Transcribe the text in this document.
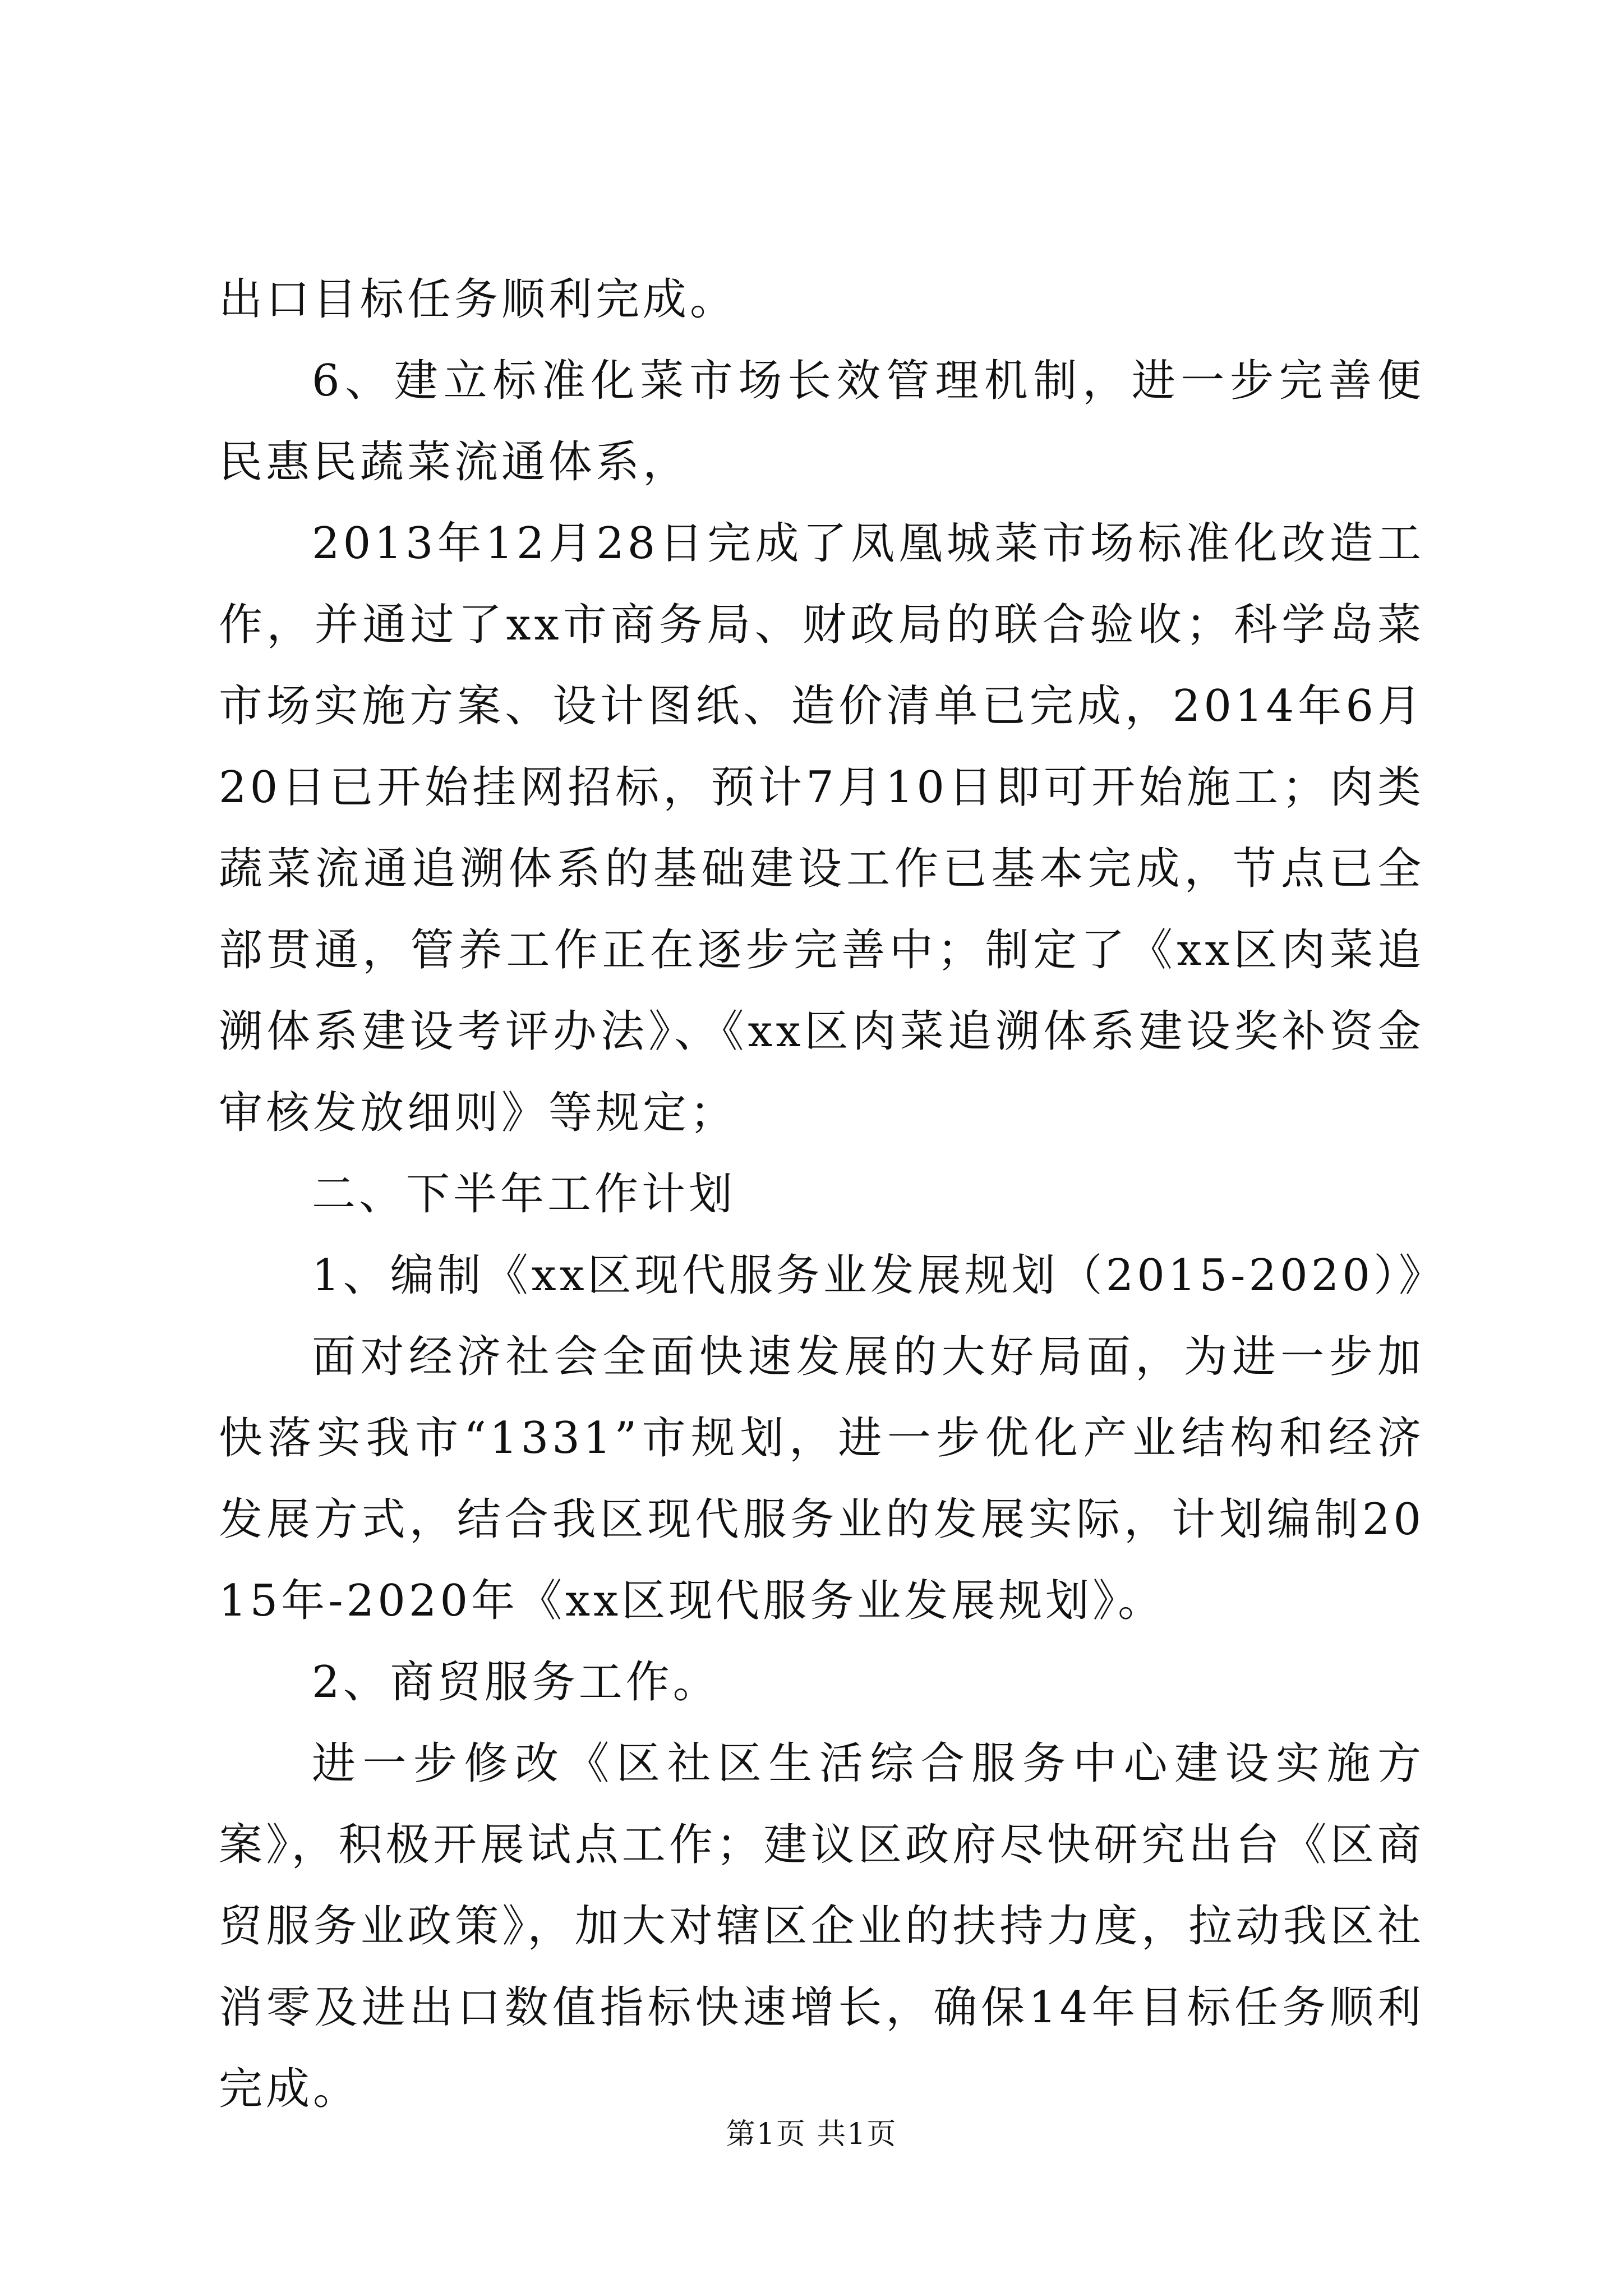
出口目标任务顺利完成。

6、建立标准化菜市场长效管理机制，进一步完善便民惠民蔬菜流通体系，

2013年12月28日完成了凤凰城菜市场标准化改造工作，并通过了xx市商务局、财政局的联合验收；科学岛菜市场实施方案、设计图纸、造价清单已完成，2014年6月20日已开始挂网招标，预计7月10日即可开始施工；肉类蔬菜流通追溯体系的基础建设工作已基本完成，节点已全部贯通，管养工作正在逐步完善中；制定了《xx区肉菜追溯体系建设考评办法》、《xx区肉菜追溯体系建设奖补资金审核发放细则》等规定；

二、下半年工作计划

1、编制《xx区现代服务业发展规划（2015-2020）》

面对经济社会全面快速发展的大好局面，为进一步加快落实我市“1331”市规划，进一步优化产业结构和经济发展方式，结合我区现代服务业的发展实际，计划编制2015年-2020年《xx区现代服务业发展规划》。

2、商贸服务工作。

进一步修改《区社区生活综合服务中心建设实施方案》，积极开展试点工作；建议区政府尽快研究出台《区商贸服务业政策》，加大对辖区企业的扶持力度，拉动我区社消零及进出口数值指标快速增长，确保14年目标任务顺利完成。

第1页 共1页
